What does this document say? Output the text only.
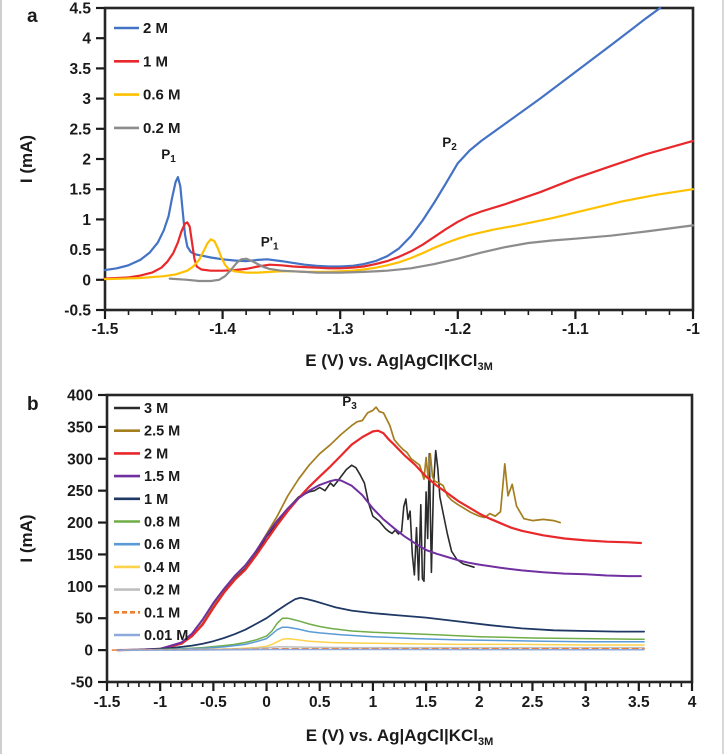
-1.5	-1.4	-1.3	-1.2	-1.1	-1
4.5
4
3.5
3
2.5
2
1.5
1
0.5
0
-0.5
2 M
1 M
0.6 M
0.2 M
$P_1$
$P'_1$
$P_2$
a
I (mA)
E (V) vs. Ag|AgCl|KCl$_{3M}$
-1.5 -1 -0.5 0 0.5 1 1.5 2 2.5 3 3.5 4
400
350
300
250
200
150
100
50
0
-50
3 M
2.5 M
2 M
1.5 M
1 M
0.8 M
0.6 M
0.4 M
0.2 M
0.1 M
0.01 M
$P_3$
b
I (mA)
E (V) vs. Ag|AgCl|KCl$_{3M}$
